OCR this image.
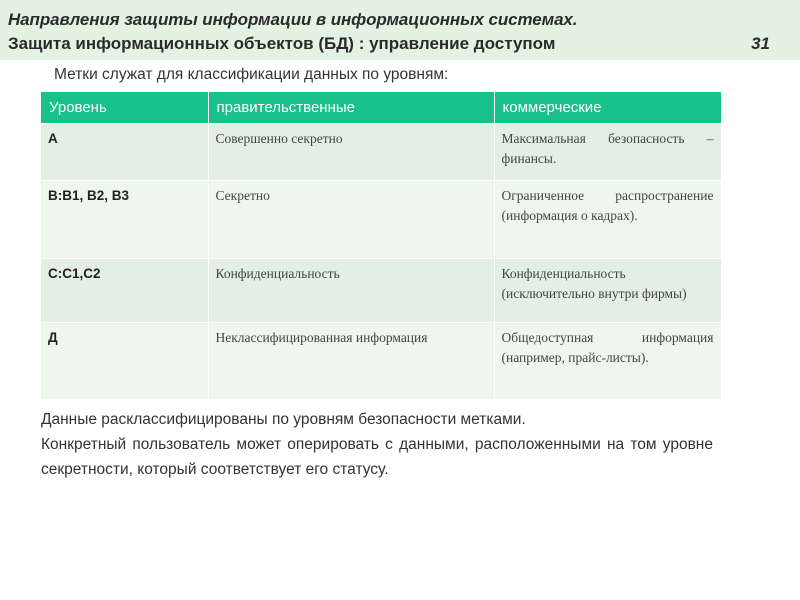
Направления защиты информации в информационных системах.
Защита информационных объектов (БД) : управление доступом	31
Метки служат для классификации данных по уровням:
Уровень	правительственные	коммерческие
А	Совершенно секретно	Максимальная безопасность – финансы.
B:B1, B2, B3	Секретно	Ограниченное распространение (информация о кадрах).
C:C1,C2	Конфиденциальность	Конфиденциальность (исключительно внутри фирмы)
Д	Неклассифицированная информация	Общедоступная информация (например, прайс-листы).

Данные расклассифицированы по уровням безопасности метками.

Конкретный пользователь может оперировать с данными, расположенными на том уровне секретности, который соответствует его статусу.
